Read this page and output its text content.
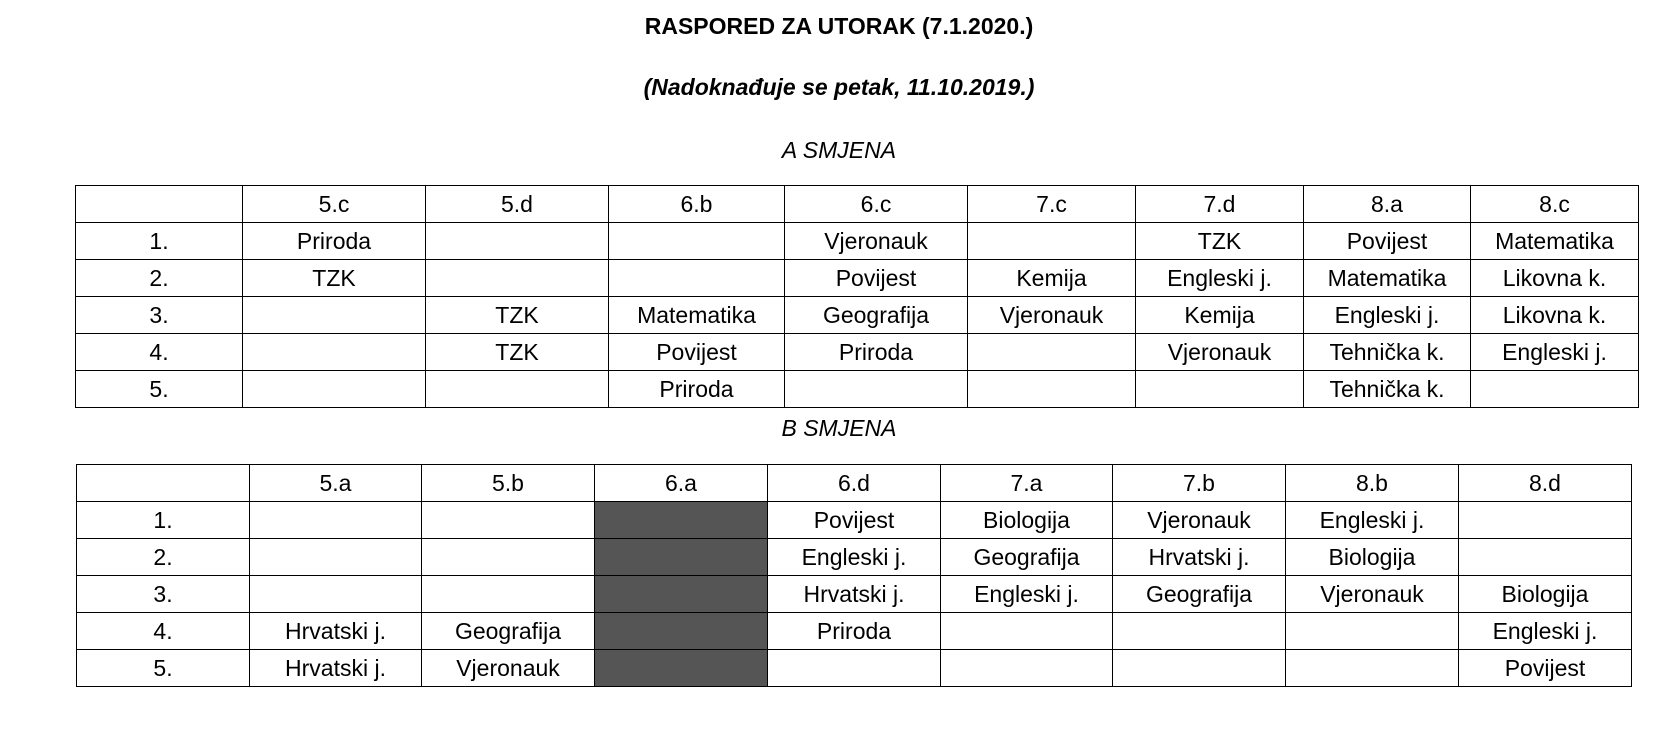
RASPORED ZA UTORAK (7.1.2020.)
(Nadoknađuje se petak, 11.10.2019.)
A SMJENA
	5.c	5.d	6.b	6.c	7.c	7.d	8.a	8.c
1.	Priroda			Vjeronauk		TZK	Povijest	Matematika
2.	TZK			Povijest	Kemija	Engleski j.	Matematika	Likovna k.
3.		TZK	Matematika	Geografija	Vjeronauk	Kemija	Engleski j.	Likovna k.
4.		TZK	Povijest	Priroda		Vjeronauk	Tehnička k.	Engleski j.
5.			Priroda				Tehnička k.	
B SMJENA
	5.a	5.b	6.a	6.d	7.a	7.b	8.b	8.d
1.				Povijest	Biologija	Vjeronauk	Engleski j.	
2.				Engleski j.	Geografija	Hrvatski j.	Biologija	
3.				Hrvatski j.	Engleski j.	Geografija	Vjeronauk	Biologija
4.	Hrvatski j.	Geografija		Priroda				Engleski j.
5.	Hrvatski j.	Vjeronauk						Povijest
